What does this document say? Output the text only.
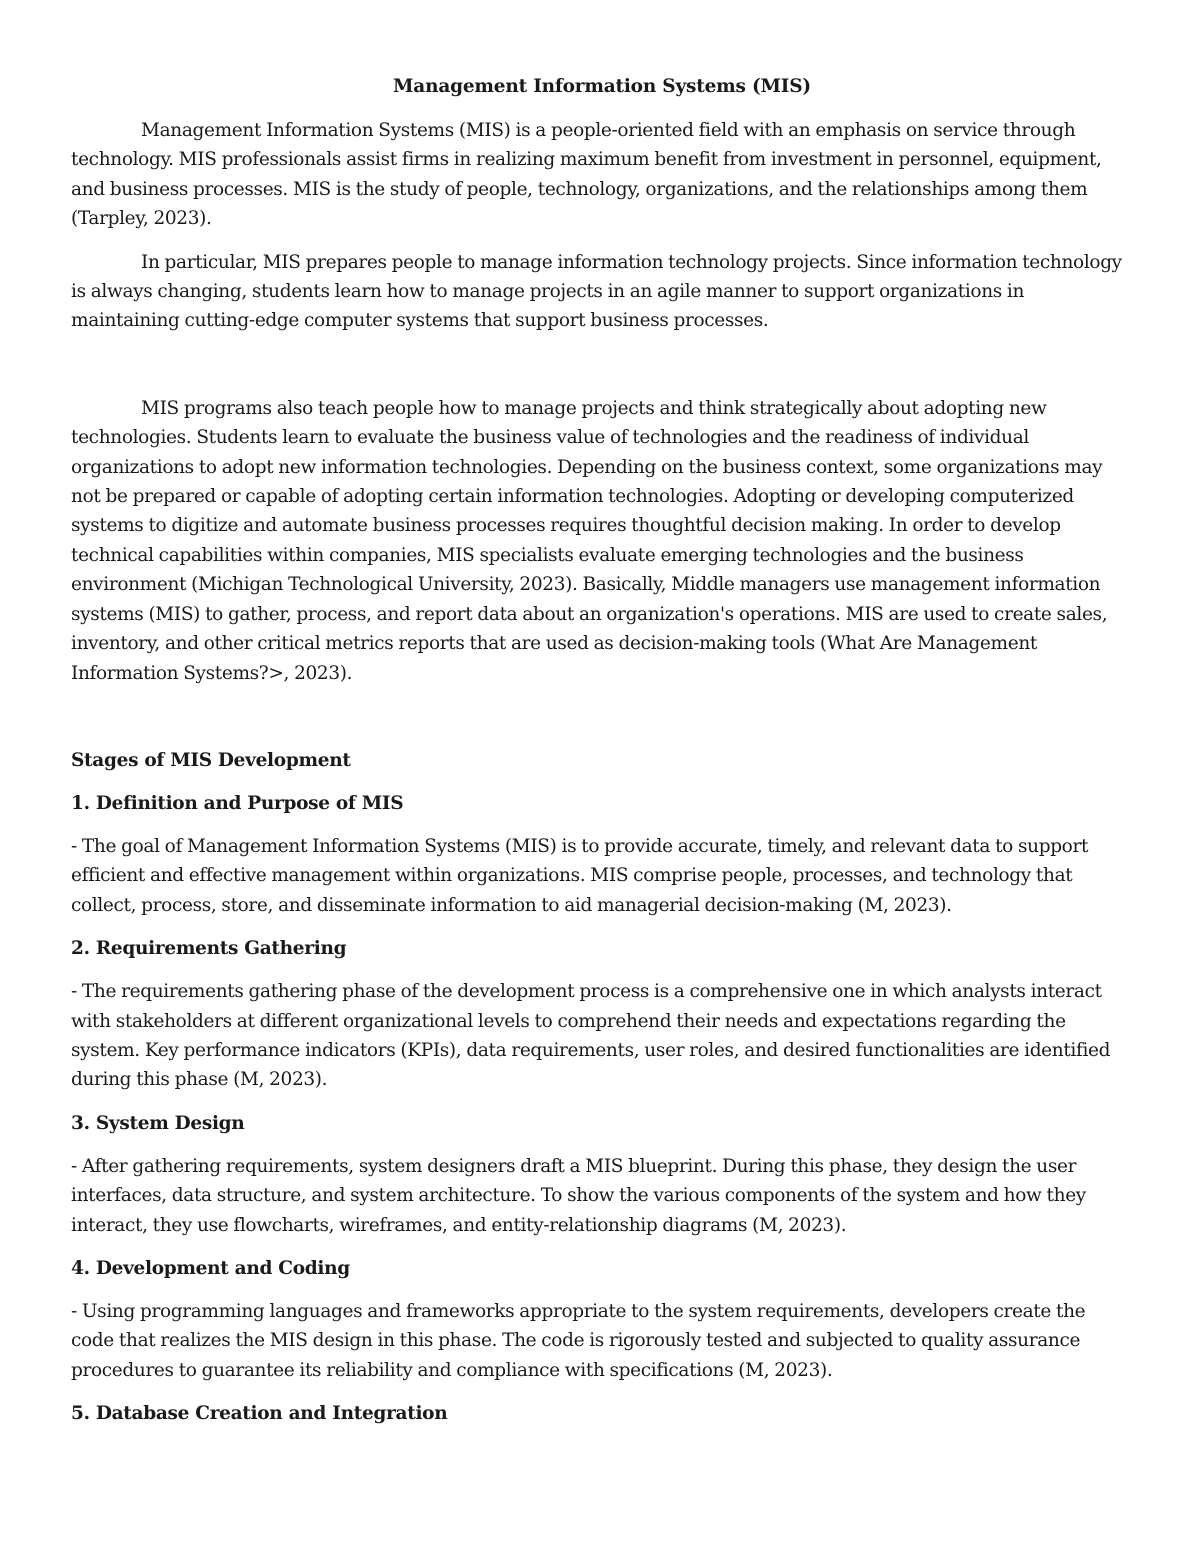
Management Information Systems (MIS)

Management Information Systems (MIS) is a people-oriented field with an emphasis on service through technology. MIS professionals assist firms in realizing maximum benefit from investment in personnel, equipment, and business processes. MIS is the study of people, technology, organizations, and the relationships among them (Tarpley, 2023).

In particular, MIS prepares people to manage information technology projects. Since information technology is always changing, students learn how to manage projects in an agile manner to support organizations in maintaining cutting-edge computer systems that support business processes.

MIS programs also teach people how to manage projects and think strategically about adopting new technologies. Students learn to evaluate the business value of technologies and the readiness of individual organizations to adopt new information technologies. Depending on the business context, some organizations may not be prepared or capable of adopting certain information technologies. Adopting or developing computerized systems to digitize and automate business processes requires thoughtful decision making. In order to develop technical capabilities within companies, MIS specialists evaluate emerging technologies and the business environment (Michigan Technological University, 2023). Basically, Middle managers use management information systems (MIS) to gather, process, and report data about an organization's operations. MIS are used to create sales, inventory, and other critical metrics reports that are used as decision-making tools (What Are Management Information Systems?>, 2023).

Stages of MIS Development
1. Definition and Purpose of MIS

- The goal of Management Information Systems (MIS) is to provide accurate, timely, and relevant data to support efficient and effective management within organizations. MIS comprise people, processes, and technology that collect, process, store, and disseminate information to aid managerial decision-making (M, 2023).

2. Requirements Gathering

- The requirements gathering phase of the development process is a comprehensive one in which analysts interact with stakeholders at different organizational levels to comprehend their needs and expectations regarding the system. Key performance indicators (KPIs), data requirements, user roles, and desired functionalities are identified during this phase (M, 2023).

3. System Design

- After gathering requirements, system designers draft a MIS blueprint. During this phase, they design the user interfaces, data structure, and system architecture. To show the various components of the system and how they interact, they use flowcharts, wireframes, and entity-relationship diagrams (M, 2023).

4. Development and Coding

- Using programming languages and frameworks appropriate to the system requirements, developers create the code that realizes the MIS design in this phase. The code is rigorously tested and subjected to quality assurance procedures to guarantee its reliability and compliance with specifications (M, 2023).

5. Database Creation and Integration
